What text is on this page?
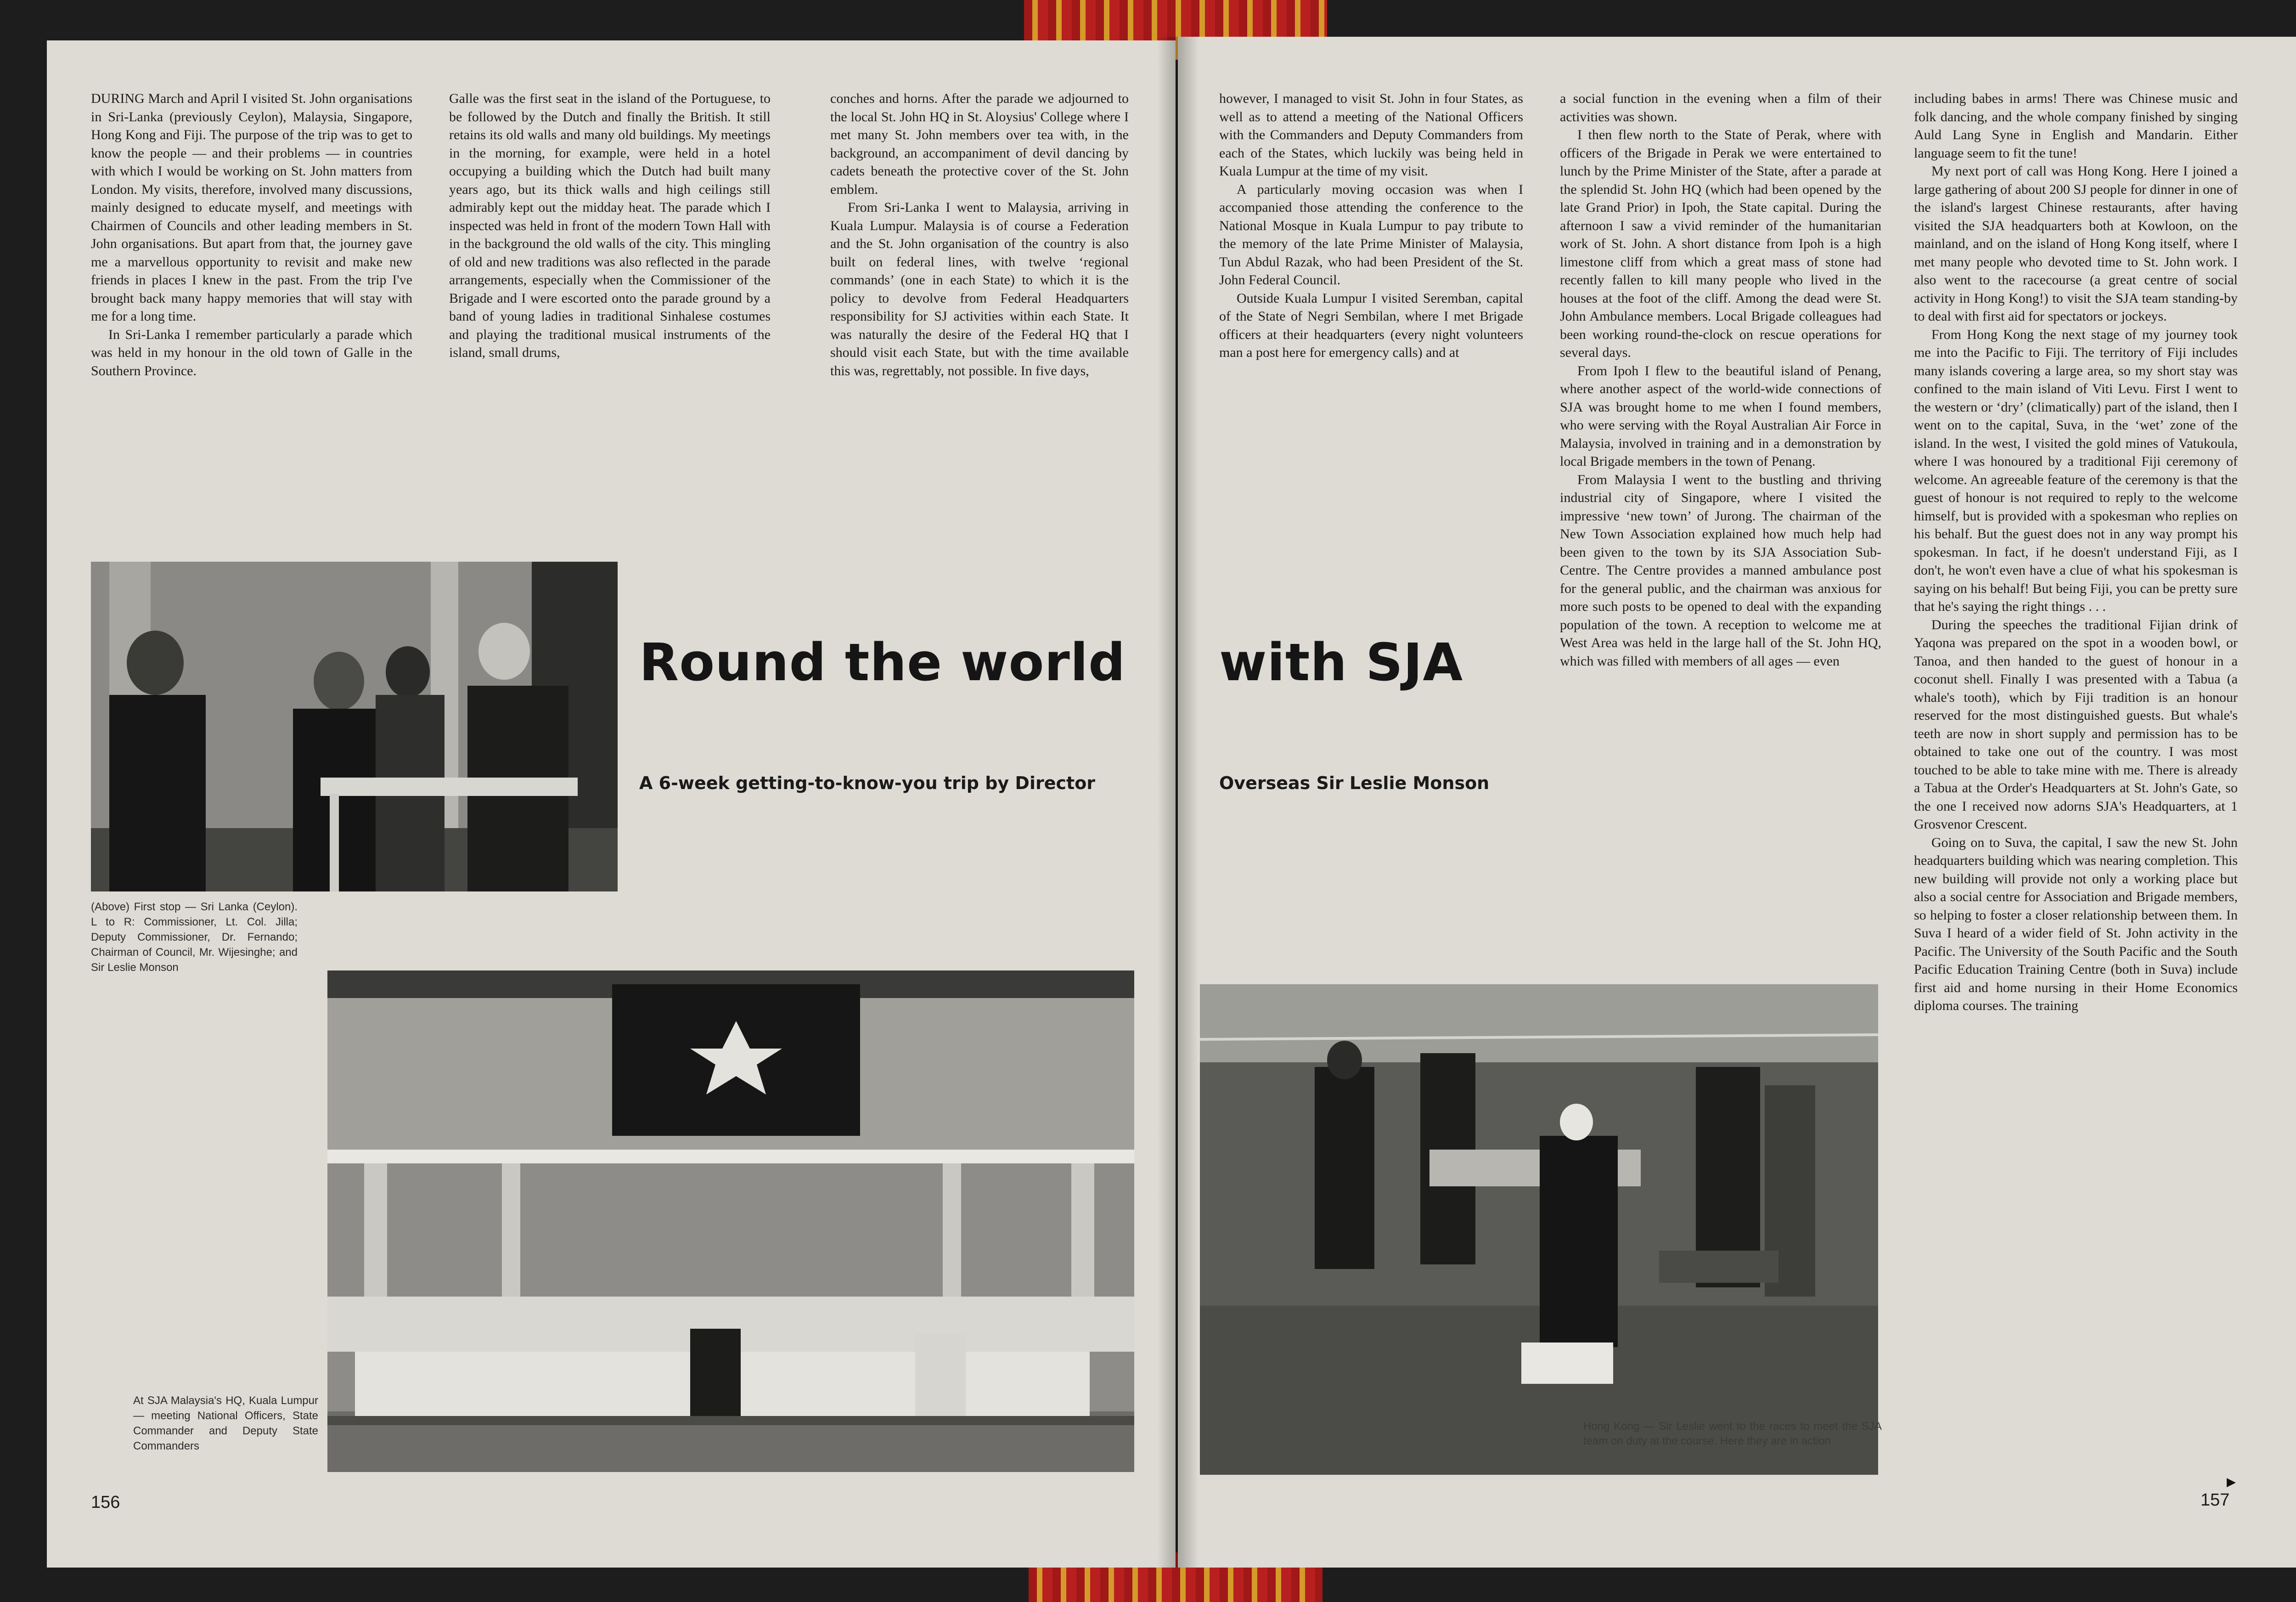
DURING March and April I visited St. John organisations in Sri-Lanka (previously Ceylon), Malaysia, Singapore, Hong Kong and Fiji. The purpose of the trip was to get to know the people — and their problems — in countries with which I would be working on St. John matters from London. My visits, therefore, involved many discussions, mainly designed to educate myself, and meetings with Chairmen of Councils and other leading members in St. John organisations. But apart from that, the journey gave me a marvellous opportunity to revisit and make new friends in places I knew in the past. From the trip I've brought back many happy memories that will stay with me for a long time.

In Sri-Lanka I remember particularly a parade which was held in my honour in the old town of Galle in the Southern Province.

Galle was the first seat in the island of the Portuguese, to be followed by the Dutch and finally the British. It still retains its old walls and many old buildings. My meetings in the morning, for example, were held in a hotel occupying a building which the Dutch had built many years ago, but its thick walls and high ceilings still admirably kept out the midday heat. The parade which I inspected was held in front of the modern Town Hall with in the background the old walls of the city. This mingling of old and new traditions was also reflected in the parade arrangements, especially when the Commissioner of the Brigade and I were escorted onto the parade ground by a band of young ladies in traditional Sinhalese costumes and playing the traditional musical instruments of the island, small drums,

conches and horns. After the parade we adjourned to the local St. John HQ in St. Aloysius' College where I met many St. John members over tea with, in the background, an accompaniment of devil dancing by cadets beneath the protective cover of the St. John emblem.

From Sri-Lanka I went to Malaysia, arriving in Kuala Lumpur. Malaysia is of course a Federation and the St. John organisation of the country is also built on federal lines, with twelve ‘regional commands’ (one in each State) to which it is the policy to devolve from Federal Headquarters responsibility for SJ activities within each State. It was naturally the desire of the Federal HQ that I should visit each State, but with the time available this was, regrettably, not possible. In five days,

however, I managed to visit St. John in four States, as well as to attend a meeting of the National Officers with the Commanders and Deputy Commanders from each of the States, which luckily was being held in Kuala Lumpur at the time of my visit.

A particularly moving occasion was when I accompanied those attending the conference to the National Mosque in Kuala Lumpur to pay tribute to the memory of the late Prime Minister of Malaysia, Tun Abdul Razak, who had been President of the St. John Federal Council.

Outside Kuala Lumpur I visited Seremban, capital of the State of Negri Sembilan, where I met Brigade officers at their headquarters (every night volunteers man a post here for emergency calls) and at

a social function in the evening when a film of their activities was shown.

I then flew north to the State of Perak, where with officers of the Brigade in Perak we were entertained to lunch by the Prime Minister of the State, after a parade at the splendid St. John HQ (which had been opened by the late Grand Prior) in Ipoh, the State capital. During the afternoon I saw a vivid reminder of the humanitarian work of St. John. A short distance from Ipoh is a high limestone cliff from which a great mass of stone had recently fallen to kill many people who lived in the houses at the foot of the cliff. Among the dead were St. John Ambulance members. Local Brigade colleagues had been working round-the-clock on rescue operations for several days.

From Ipoh I flew to the beautiful island of Penang, where another aspect of the world-wide connections of SJA was brought home to me when I found members, who were serving with the Royal Australian Air Force in Malaysia, involved in training and in a demonstration by local Brigade members in the town of Penang.

From Malaysia I went to the bustling and thriving industrial city of Singapore, where I visited the impressive ‘new town’ of Jurong. The chairman of the New Town Association explained how much help had been given to the town by its SJA Association Sub-Centre. The Centre provides a manned ambulance post for the general public, and the chairman was anxious for more such posts to be opened to deal with the expanding population of the town. A reception to welcome me at West Area was held in the large hall of the St. John HQ, which was filled with members of all ages — even

including babes in arms! There was Chinese music and folk dancing, and the whole company finished by singing Auld Lang Syne in English and Mandarin. Either language seem to fit the tune!

My next port of call was Hong Kong. Here I joined a large gathering of about 200 SJ people for dinner in one of the island's largest Chinese restaurants, after having visited the SJA headquarters both at Kowloon, on the mainland, and on the island of Hong Kong itself, where I met many people who devoted time to St. John work. I also went to the racecourse (a great centre of social activity in Hong Kong!) to visit the SJA team standing-by to deal with first aid for spectators or jockeys.

From Hong Kong the next stage of my journey took me into the Pacific to Fiji. The territory of Fiji includes many islands covering a large area, so my short stay was confined to the main island of Viti Levu. First I went to the western or ‘dry’ (climatically) part of the island, then I went on to the capital, Suva, in the ‘wet’ zone of the island. In the west, I visited the gold mines of Vatukoula, where I was honoured by a traditional Fiji ceremony of welcome. An agreeable feature of the ceremony is that the guest of honour is not required to reply to the welcome himself, but is provided with a spokesman who replies on his behalf. But the guest does not in any way prompt his spokesman. In fact, if he doesn't understand Fiji, as I don't, he won't even have a clue of what his spokesman is saying on his behalf! But being Fiji, you can be pretty sure that he's saying the right things . . .

During the speeches the traditional Fijian drink of Yaqona was prepared on the spot in a wooden bowl, or Tanoa, and then handed to the guest of honour in a coconut shell. Finally I was presented with a Tabua (a whale's tooth), which by Fiji tradition is an honour reserved for the most distinguished guests. But whale's teeth are now in short supply and permission has to be obtained to take one out of the country. I was most touched to be able to take mine with me. There is already a Tabua at the Order's Headquarters at St. John's Gate, so the one I received now adorns SJA's Headquarters, at 1 Grosvenor Crescent.

Going on to Suva, the capital, I saw the new St. John headquarters building which was nearing completion. This new building will provide not only a working place but also a social centre for Association and Brigade members, so helping to foster a closer relationship between them. In Suva I heard of a wider field of St. John activity in the Pacific. The University of the South Pacific and the South Pacific Education Training Centre (both in Suva) include first aid and home nursing in their Home Economics diploma courses. The training

Round the world with SJA
A 6-week getting-to-know-you trip by Director	Overseas Sir Leslie Monson
(Above) First stop — Sri Lanka (Ceylon). L to R: Commissioner, Lt. Col. Jilla; Deputy Commissioner, Dr. Fernando; Chairman of Council, Mr. Wijesinghe; and Sir Leslie Monson
At SJA Malaysia's HQ, Kuala Lumpur — meeting National Officers, State Commander and Deputy State Commanders
Hong Kong — Sir Leslie went to the races to meet the SJA team on duty at the course. Here they are in action
156	157
▶
